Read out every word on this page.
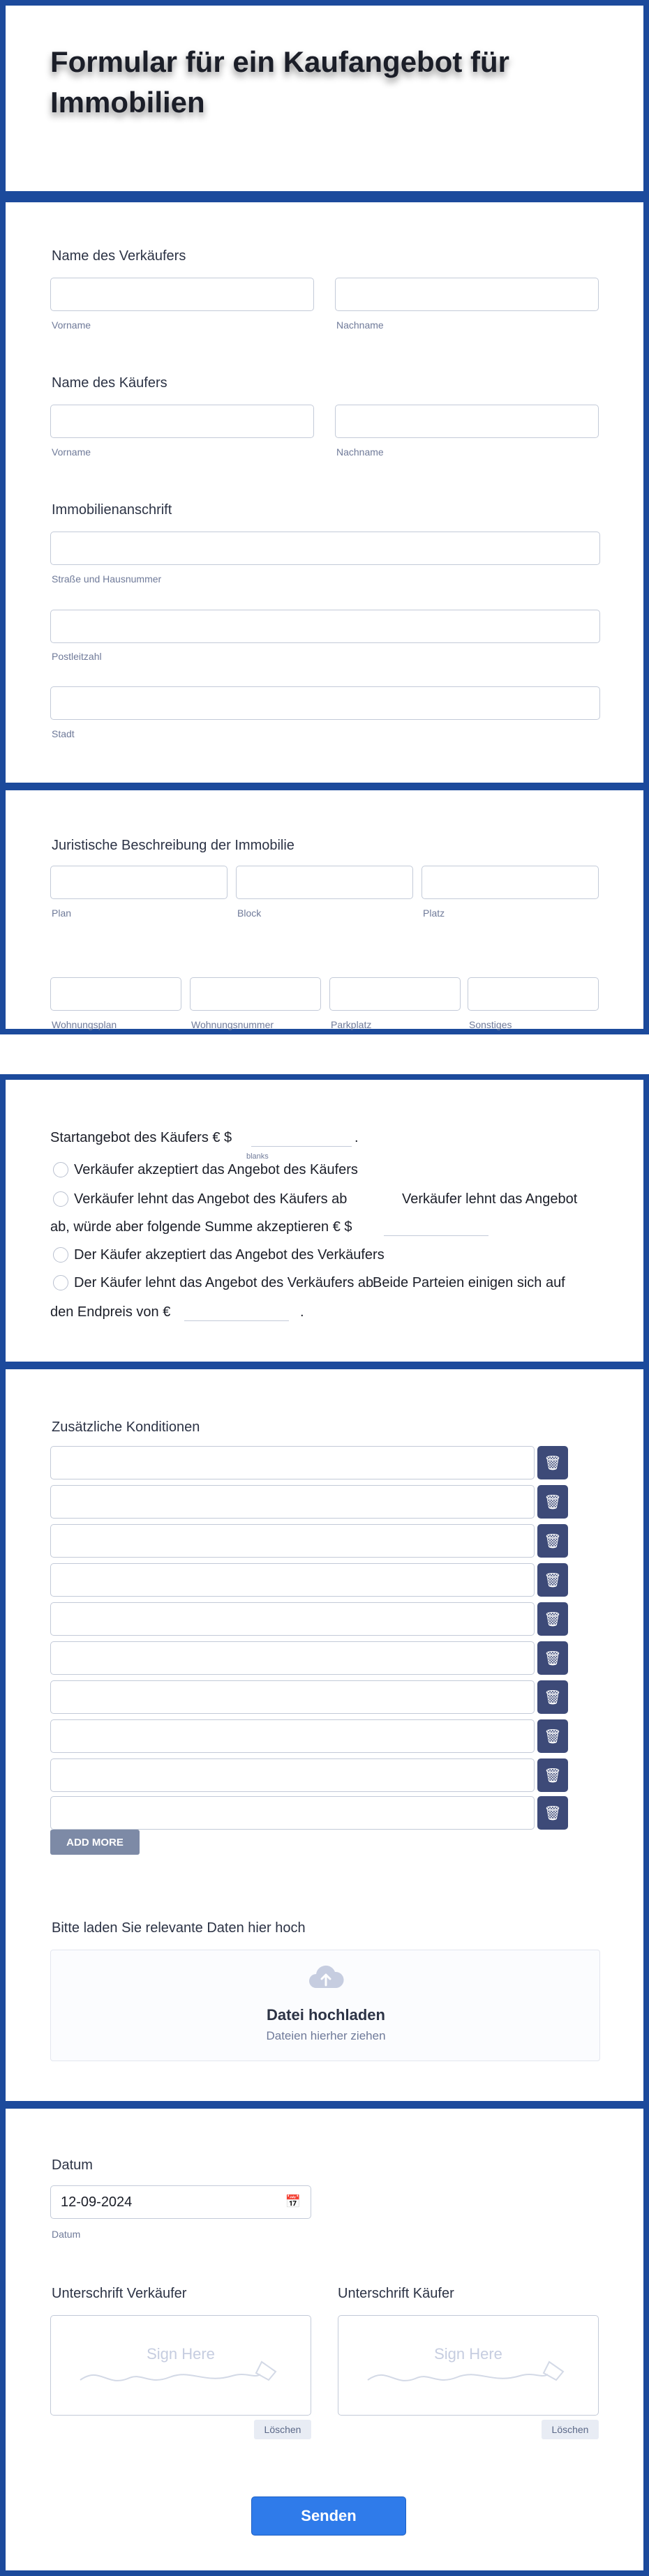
Formular für ein Kaufangebot für Immobilien
Name des Verkäufers
Vorname	Nachname
Name des Käufers
Vorname	Nachname
Immobilienanschrift
Straße und Hausnummer
Postleitzahl
Stadt
Juristische Beschreibung der Immobilie
Plan	Block	Platz
Wohnungsplan	Wohnungsnummer	Parkplatz	Sonstiges
Startangebot des Käufers € $	.
blanks
Verkäufer akzeptiert das Angebot des Käufers
Verkäufer lehnt das Angebot des Käufers ab	Verkäufer lehnt das Angebot
ab, würde aber folgende Summe akzeptieren € $
Der Käufer akzeptiert das Angebot des Verkäufers
Der Käufer lehnt das Angebot des Verkäufers ab
Beide Parteien einigen sich auf
den Endpreis von €	.
Zusätzliche Konditionen
🗑
🗑
🗑
🗑
🗑
🗑
🗑
🗑
🗑
🗑
ADD MORE
Bitte laden Sie relevante Daten hier hoch
Datei hochladen
Dateien hierher ziehen
Datum
12-09-2024	📅
Datum
Unterschrift Verkäufer	Unterschrift Käufer
Sign Here	Sign Here
Löschen	Löschen
Senden
